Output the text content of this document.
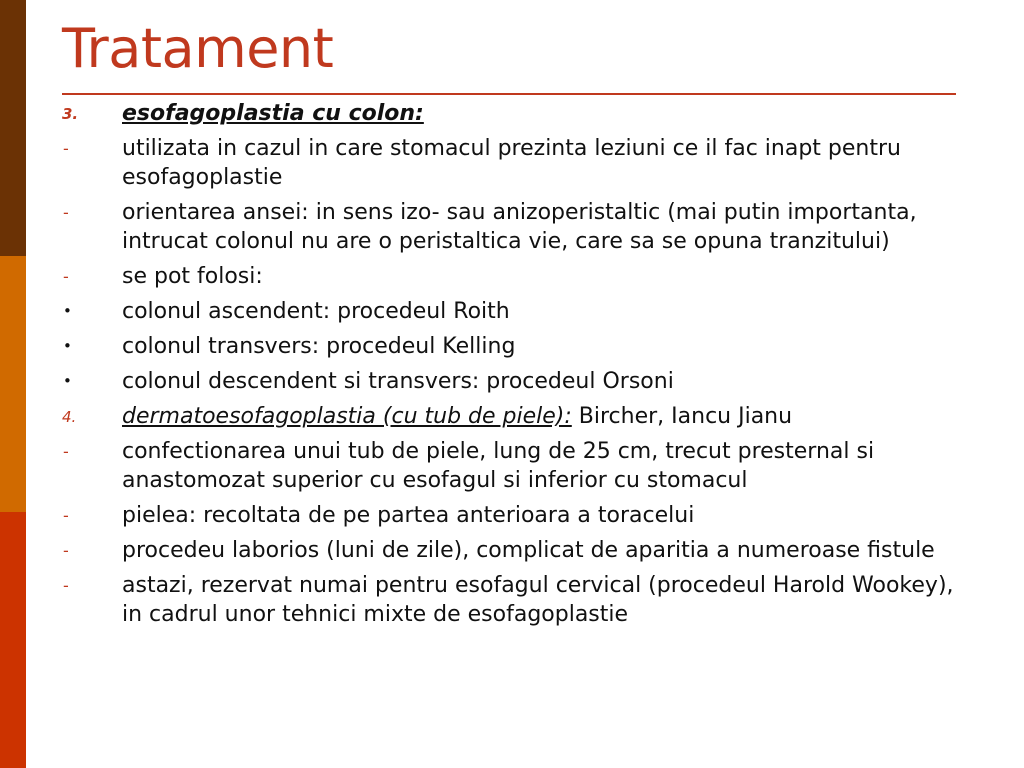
Tratament
3. esofagoplastia cu colon:
- utilizata in cazul in care stomacul prezinta leziuni ce il fac inapt pentru esofagoplastie
- orientarea ansei: in sens izo- sau anizoperistaltic (mai putin importanta, intrucat colonul nu are o peristaltica vie, care sa se opuna tranzitului)
- se pot folosi:
• colonul ascendent: procedeul Roith
• colonul transvers: procedeul Kelling
• colonul descendent si transvers: procedeul Orsoni
4. dermatoesofagoplastia (cu tub de piele): Bircher, Iancu Jianu
- confectionarea unui tub de piele, lung de 25 cm, trecut presternal si anastomozat superior cu esofagul si inferior cu stomacul
- pielea: recoltata de pe partea anterioara a toracelui
- procedeu laborios (luni de zile), complicat de aparitia a numeroase fistule
- astazi, rezervat numai pentru esofagul cervical (procedeul Harold Wookey), in cadrul unor tehnici mixte de esofagoplastie
